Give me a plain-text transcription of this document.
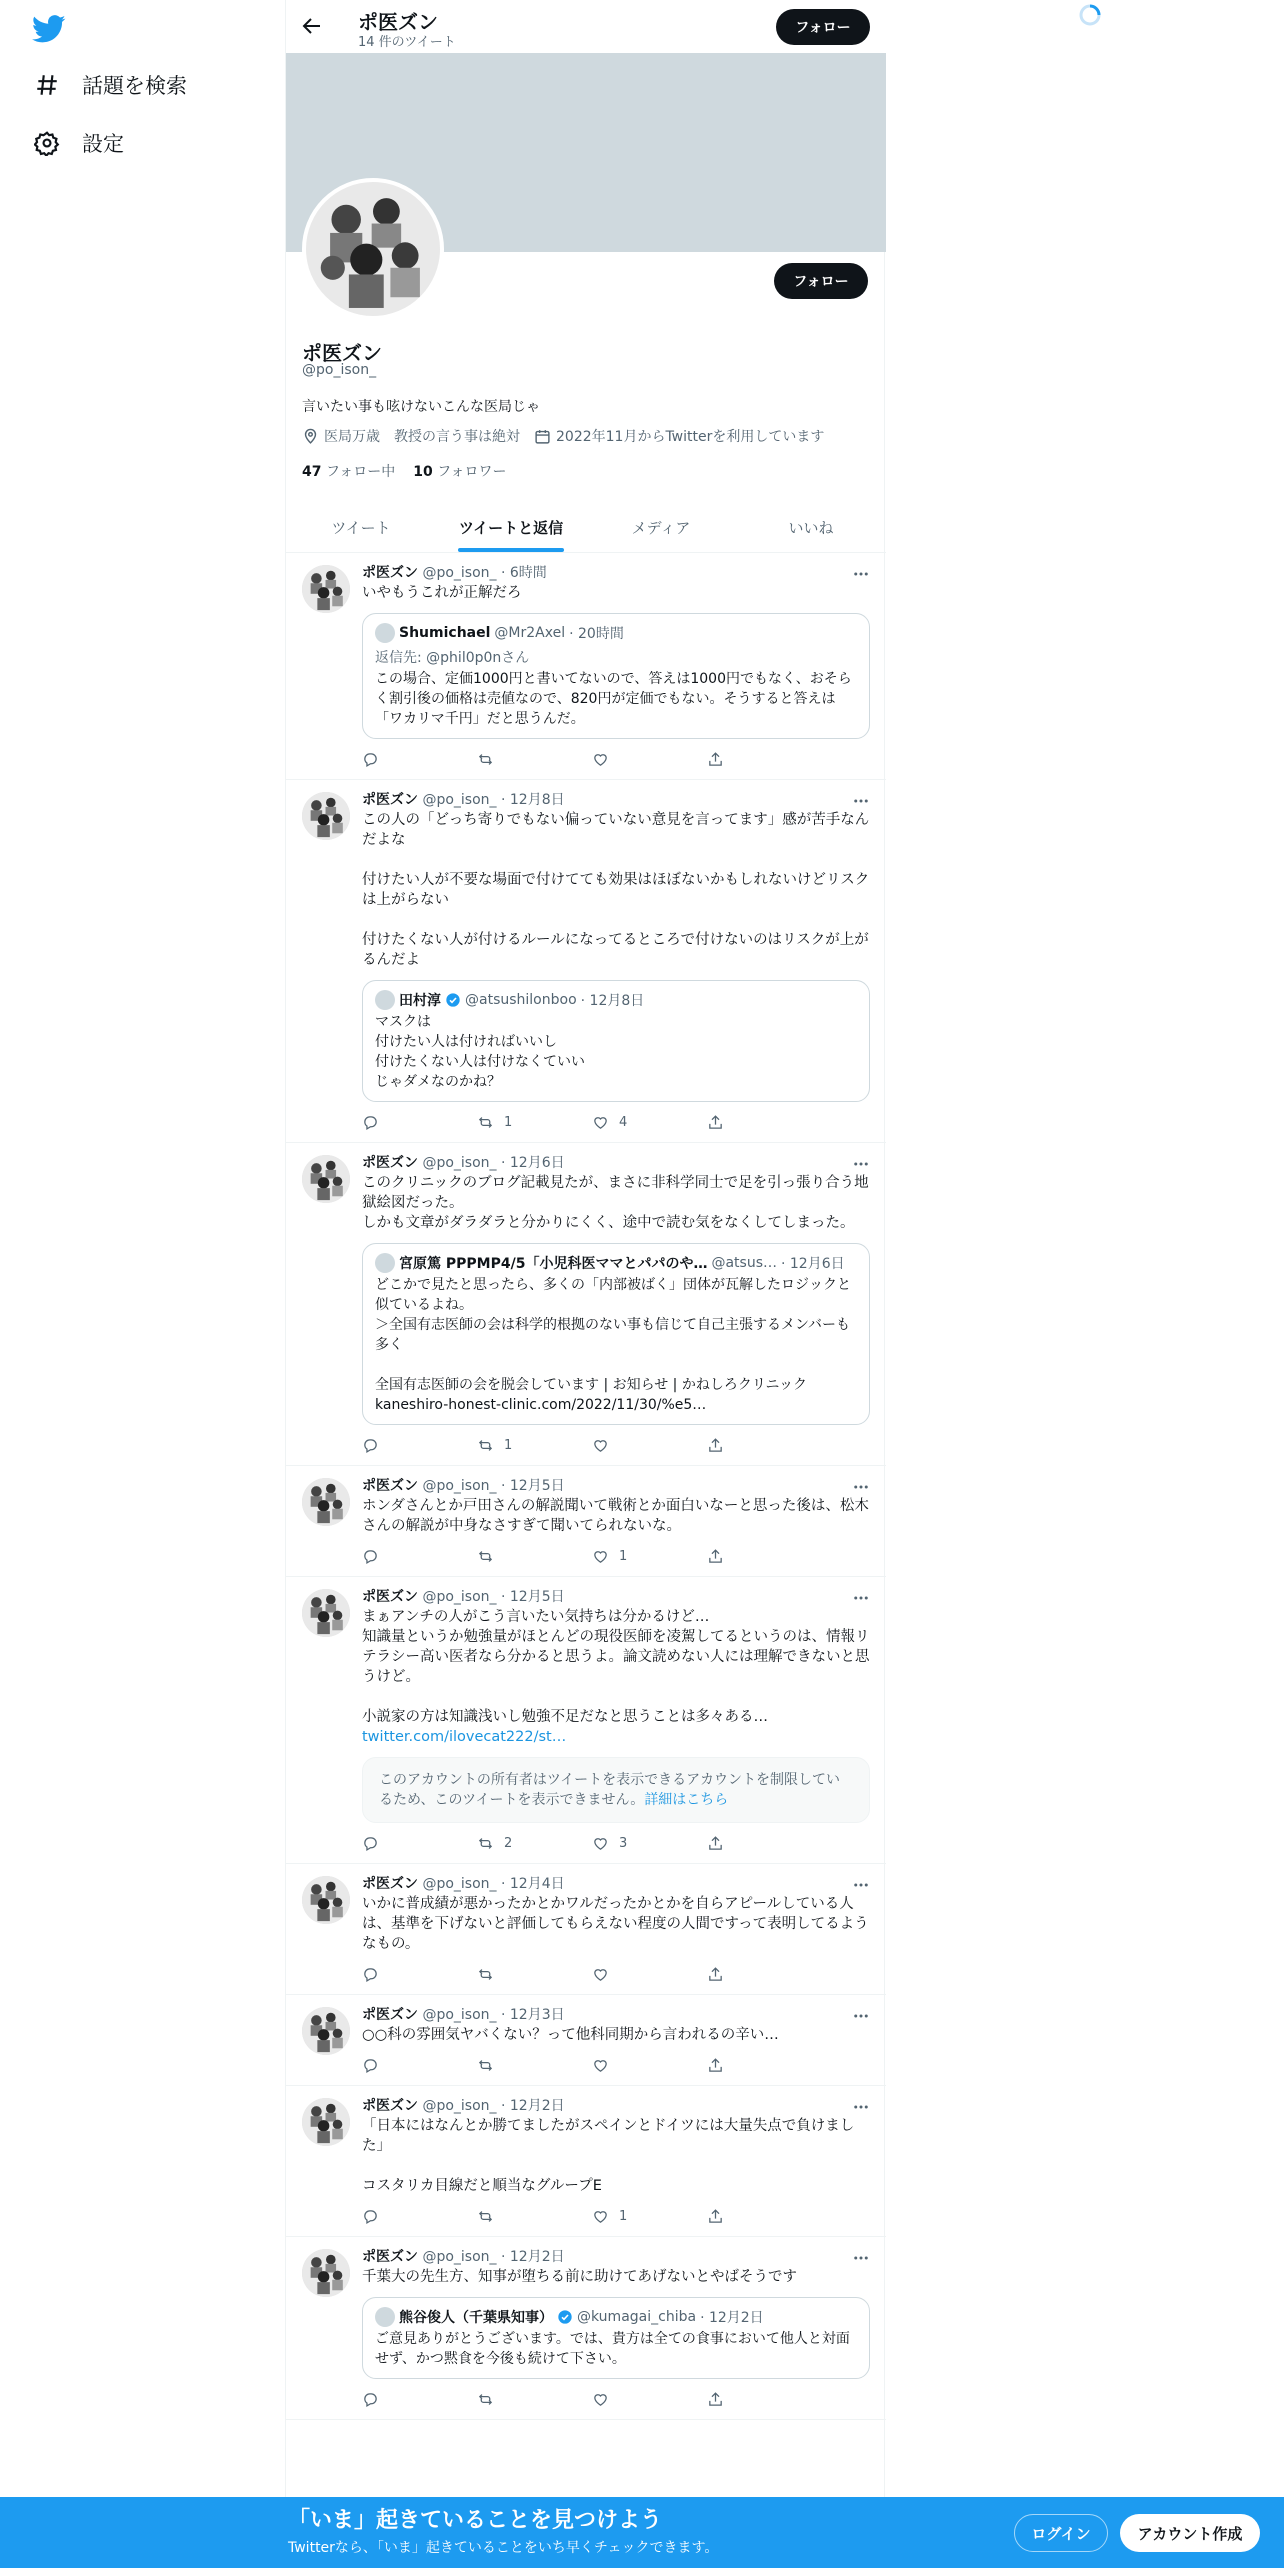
話題を検索
設定
ポ医ズン
14 件のツイート
フォロー
フォロー
ポ医ズン
@po_ison_
言いたい事も呟けないこんな医局じゃ
医局万歳　教授の言う事は絶対	2022年11月からTwitterを利用しています
47 フォロー中 10 フォロワー
ツイート	ツイートと返信	メディア	いいね
ポ医ズン @po_ison_ · 6時間
いやもうこれが正解だろ
Shumichael @Mr2Axel · 20時間
返信先: @phil0p0nさん
この場合、定価1000円と書いてないので、答えは1000円でもなく、おそらく割引後の価格は売値なので、820円が定価でもない。そうすると答えは「ワカリマ千円」だと思うんだ。
ポ医ズン @po_ison_ · 12月8日
この人の「どっち寄りでもない偏っていない意見を言ってます」感が苦手なんだよな

付けたい人が不要な場面で付けてても効果はほぼないかもしれないけどリスクは上がらない

付けたくない人が付けるルールになってるところで付けないのはリスクが上がるんだよ
田村淳 @atsushilonboo · 12月8日
マスクは
付けたい人は付ければいいし
付けたくない人は付けなくていい
じゃダメなのかね？
1	4
ポ医ズン @po_ison_ · 12月6日
このクリニックのブログ記載見たが、まさに非科学同士で足を引っ張り合う地獄絵図だった。
しかも文章がダラダラと分かりにくく、途中で読む気をなくしてしまった。
宮原篤 PPPMP4/5「小児科医ママとパパのや… @atsus… · 12月6日
どこかで見たと思ったら、多くの「内部被ばく」団体が瓦解したロジックと似ているよね。
＞全国有志医師の会は科学的根拠のない事も信じて自己主張するメンバーも多く

全国有志医師の会を脱会しています | お知らせ | かねしろクリニック
kaneshiro-honest-clinic.com/2022/11/30/%e5…
1
ポ医ズン @po_ison_ · 12月5日
ホンダさんとか戸田さんの解説聞いて戦術とか面白いなーと思った後は、松木さんの解説が中身なさすぎて聞いてられないな。
1
ポ医ズン @po_ison_ · 12月5日
まぁアンチの人がこう言いたい気持ちは分かるけど…
知識量というか勉強量がほとんどの現役医師を凌駕してるというのは、情報リテラシー高い医者なら分かると思うよ。論文読めない人には理解できないと思うけど。

小説家の方は知識浅いし勉強不足だなと思うことは多々ある…
twitter.com/ilovecat222/st…
このアカウントの所有者はツイートを表示できるアカウントを制限しているため、このツイートを表示できません。詳細はこちら
2	3
ポ医ズン @po_ison_ · 12月4日
いかに普成績が悪かったかとかワルだったかとかを自らアピールしている人は、基準を下げないと評価してもらえない程度の人間ですって表明してるようなもの。
ポ医ズン @po_ison_ · 12月3日
○○科の雰囲気ヤバくない？って他科同期から言われるの辛い…
ポ医ズン @po_ison_ · 12月2日
「日本にはなんとか勝てましたがスペインとドイツには大量失点で負けました」

コスタリカ目線だと順当なグループE
1
ポ医ズン @po_ison_ · 12月2日
千葉大の先生方、知事が堕ちる前に助けてあげないとやばそうです
熊谷俊人（千葉県知事） @kumagai_chiba · 12月2日
ご意見ありがとうございます。では、貴方は全ての食事において他人と対面せず、かつ黙食を今後も続けて下さい。
「いま」起きていることを見つけよう
Twitterなら、「いま」起きていることをいち早くチェックできます。
ログイン	アカウント作成
